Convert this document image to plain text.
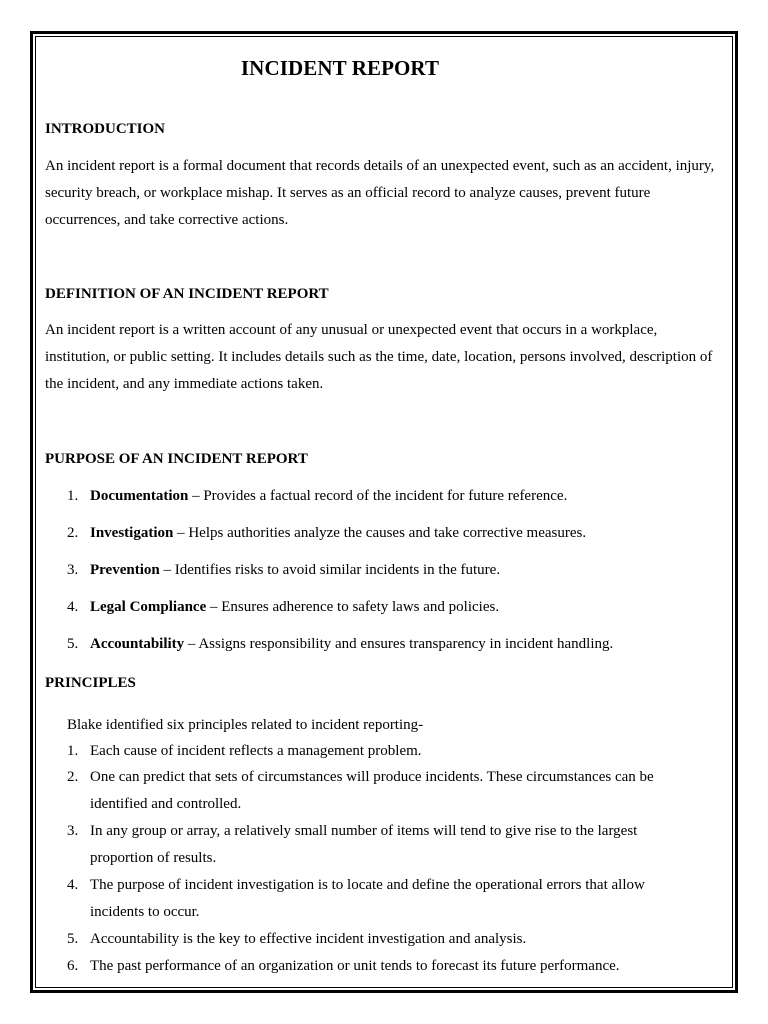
INCIDENT REPORT
INTRODUCTION
An incident report is a formal document that records details of an unexpected event, such as an accident, injury,
security breach, or workplace mishap. It serves as an official record to analyze causes, prevent future
occurrences, and take corrective actions.
DEFINITION OF AN INCIDENT REPORT
An incident report is a written account of any unusual or unexpected event that occurs in a workplace,
institution, or public setting. It includes details such as the time, date, location, persons involved, description of
the incident, and any immediate actions taken.
PURPOSE OF AN INCIDENT REPORT
1. Documentation – Provides a factual record of the incident for future reference.
2. Investigation – Helps authorities analyze the causes and take corrective measures.
3. Prevention – Identifies risks to avoid similar incidents in the future.
4. Legal Compliance – Ensures adherence to safety laws and policies.
5. Accountability – Assigns responsibility and ensures transparency in incident handling.
PRINCIPLES
Blake identified six principles related to incident reporting-
1. Each cause of incident reflects a management problem.
2. One can predict that sets of circumstances will produce incidents. These circumstances can be
identified and controlled.
3. In any group or array, a relatively small number of items will tend to give rise to the largest
proportion of results.
4. The purpose of incident investigation is to locate and define the operational errors that allow
incidents to occur.
5. Accountability is the key to effective incident investigation and analysis.
6. The past performance of an organization or unit tends to forecast its future performance.
